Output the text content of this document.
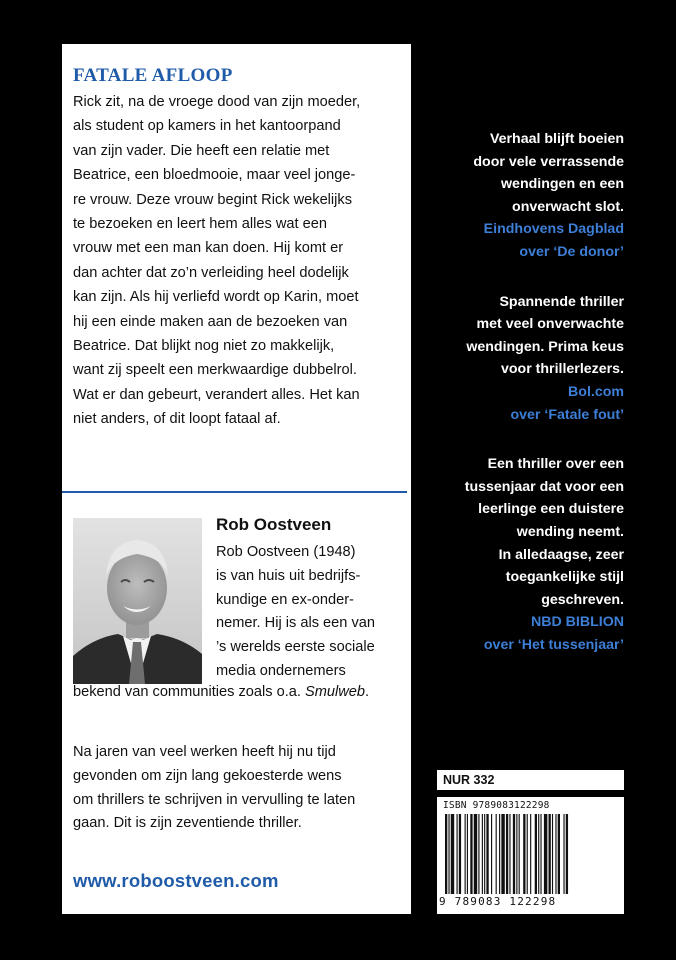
FATALE AFLOOP
Rick zit, na de vroege dood van zijn moeder,
als student op kamers in het kantoorpand
van zijn vader. Die heeft een relatie met
Beatrice, een bloedmooie, maar veel jonge-
re vrouw. Deze vrouw begint Rick wekelijks
te bezoeken en leert hem alles wat een
vrouw met een man kan doen. Hij komt er
dan achter dat zo’n verleiding heel dodelijk
kan zijn. Als hij verliefd wordt op Karin, moet
hij een einde maken aan de bezoeken van
Beatrice. Dat blijkt nog niet zo makkelijk,
want zij speelt een merkwaardige dubbelrol.
Wat er dan gebeurt, verandert alles. Het kan
niet anders, of dit loopt fataal af.
Rob Oostveen
Rob Oostveen (1948)
is van huis uit bedrijfs-
kundige en ex-onder-
nemer. Hij is als een van
’s werelds eerste sociale
media ondernemers
bekend van communities zoals o.a. Smulweb.
Na jaren van veel werken heeft hij nu tijd
gevonden om zijn lang gekoesterde wens
om thrillers te schrijven in vervulling te laten
gaan. Dit is zijn zeventiende thriller.
www.roboostveen.com
Verhaal blijft boeien
door vele verrassende
wendingen en een
onverwacht slot.
Eindhovens Dagblad
over ‘De donor’
Spannende thriller
met veel onverwachte
wendingen. Prima keus
voor thrillerlezers.
Bol.com
over ‘Fatale fout’
Een thriller over een
tussenjaar dat voor een
leerlinge een duistere
wending neemt.
In alledaagse, zeer
toegankelijke stijl
geschreven.
NBD BIBLION
over ‘Het tussenjaar’
NUR 332
ISBN 9789083122298
9 789083 122298
